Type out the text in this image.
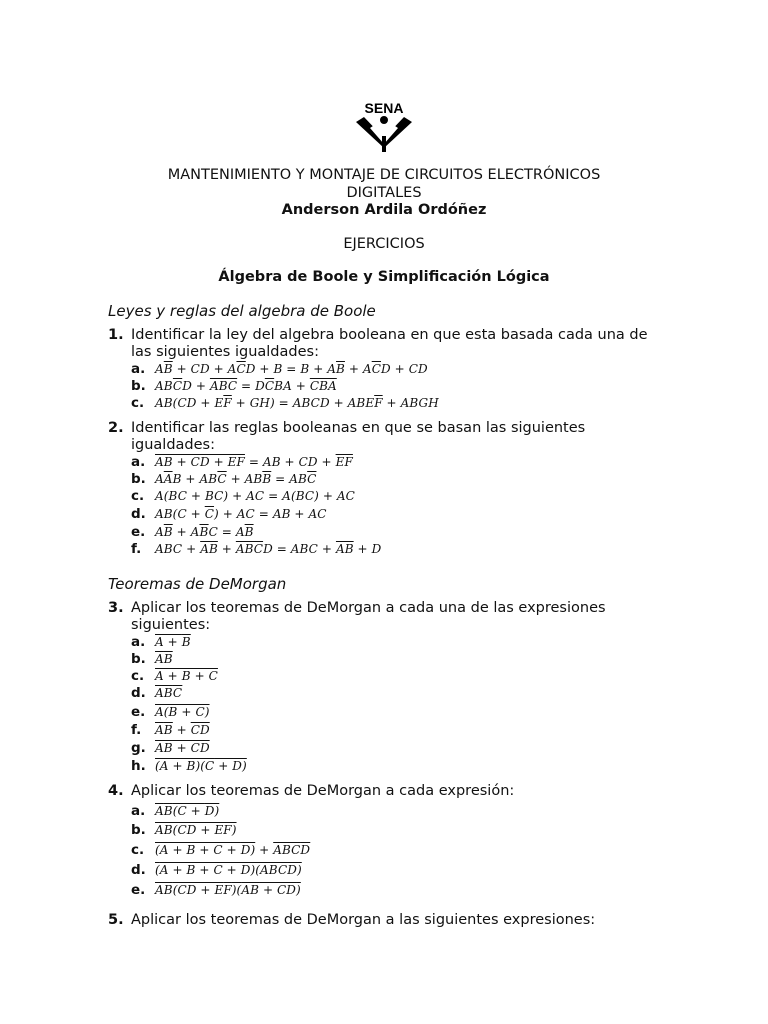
SENA
MANTENIMIENTO Y MONTAJE DE CIRCUITOS ELECTRÓNICOS
DIGITALES
Anderson Ardila Ordóñez
EJERCICIOS
Álgebra de Boole y Simplificación Lógica
Leyes y reglas del algebra de Boole
1. Identificar la ley del algebra booleana en que esta basada cada una de las siguientes igualdades:
a. $A\overline{B}$ + CD + $A\overline{C}D + B = B + A\overline{B} + A\overline{C}D$ + CD
b. $AB\overline{C}D + \overline{ABC} = D\overline{C}BA + \overline{CBA}$
c. $AB(CD + E\overline{F} + GH)$ = ABCD + $ABE\overline{F}$ + ABGH
2. Identificar las reglas booleanas en que se basan las siguientes igualdades:
a. AB + CD + EF = AB + CD + $\overline{EF}$
b. $A\overline{A}B + AB\overline{C} + AB\overline{B} = AB\overline{C}$
c. A(BC + BC) + AC = A(BC) + AC
d. $AB(C + \overline{C})$ + AC = AB + AC
e. $A\overline{B} + A\overline{B}C = A\overline{B}$
f. ABC + $\overline{AB} + \overline{ABC}D$ = ABC + $\overline{AB} + D$
Teoremas de DeMorgan
3. Aplicar los teoremas de DeMorgan a cada una de las expresiones siguientes:
a. A + B
b. AB
c. A + B + C
d. ABC
e. A(B + C)
f. AB + $\overline{CD}$
g. AB + CD
h. (A + B)(C + D)
4. Aplicar los teoremas de DeMorgan a cada expresión:
a. AB(C + D)
b. AB(CD + EF)
c. (A + B + C + D) + ABCD
d. (A + B + C + D)(ABCD)
e. AB(CD + EF)(AB + CD)
5. Aplicar los teoremas de DeMorgan a las siguientes expresiones:
